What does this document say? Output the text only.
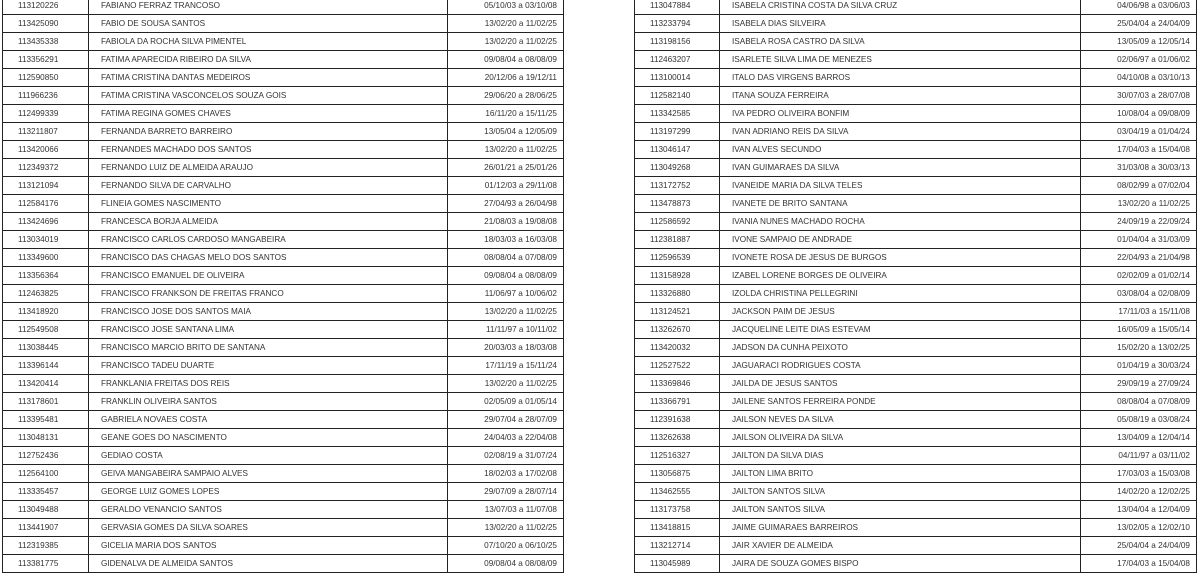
113120226	FABIANO FERRAZ TRANCOSO	05/10/03 a 03/10/08
113425090	FABIO DE SOUSA SANTOS	13/02/20 a 11/02/25
113435338	FABIOLA DA ROCHA SILVA PIMENTEL	13/02/20 a 11/02/25
113356291	FATIMA APARECIDA RIBEIRO DA SILVA	09/08/04 a 08/08/09
112590850	FATIMA CRISTINA DANTAS MEDEIROS	20/12/06 a 19/12/11
111966236	FATIMA CRISTINA VASCONCELOS SOUZA GOIS	29/06/20 a 28/06/25
112499339	FATIMA REGINA GOMES CHAVES	16/11/20 a 15/11/25
113211807	FERNANDA BARRETO BARREIRO	13/05/04 a 12/05/09
113420066	FERNANDES MACHADO DOS SANTOS	13/02/20 a 11/02/25
112349372	FERNANDO LUIZ DE ALMEIDA ARAUJO	26/01/21 a 25/01/26
113121094	FERNANDO SILVA DE CARVALHO	01/12/03 a 29/11/08
112584176	FLINEIA GOMES NASCIMENTO	27/04/93 a 26/04/98
113424696	FRANCESCA BORJA ALMEIDA	21/08/03 a 19/08/08
113034019	FRANCISCO CARLOS CARDOSO MANGABEIRA	18/03/03 a 16/03/08
113349600	FRANCISCO DAS CHAGAS MELO DOS SANTOS	08/08/04 a 07/08/09
113356364	FRANCISCO EMANUEL DE OLIVEIRA	09/08/04 a 08/08/09
112463825	FRANCISCO FRANKSON DE FREITAS FRANCO	11/06/97 a 10/06/02
113418920	FRANCISCO JOSE DOS SANTOS MAIA	13/02/20 a 11/02/25
112549508	FRANCISCO JOSE SANTANA LIMA	11/11/97 a 10/11/02
113038445	FRANCISCO MARCIO BRITO DE SANTANA	20/03/03 a 18/03/08
113396144	FRANCISCO TADEU DUARTE	17/11/19 a 15/11/24
113420414	FRANKLANIA FREITAS DOS REIS	13/02/20 a 11/02/25
113178601	FRANKLIN OLIVEIRA SANTOS	02/05/09 a 01/05/14
113395481	GABRIELA NOVAES COSTA	29/07/04 a 28/07/09
113048131	GEANE GOES DO NASCIMENTO	24/04/03 a 22/04/08
112752436	GEDIAO COSTA	02/08/19 a 31/07/24
112564100	GEIVA MANGABEIRA SAMPAIO ALVES	18/02/03 a 17/02/08
113335457	GEORGE LUIZ GOMES LOPES	29/07/09 a 28/07/14
113049488	GERALDO VENANCIO SANTOS	13/07/03 a 11/07/08
113441907	GERVASIA GOMES DA SILVA SOARES	13/02/20 a 11/02/25
112319385	GICELIA MARIA DOS SANTOS	07/10/20 a 06/10/25
113381775	GIDENALVA DE ALMEIDA SANTOS	09/08/04 a 08/08/09
113047884	ISABELA CRISTINA COSTA DA SILVA CRUZ	04/06/98 a 03/06/03
113233794	ISABELA DIAS SILVEIRA	25/04/04 a 24/04/09
113198156	ISABELA ROSA CASTRO DA SILVA	13/05/09 a 12/05/14
112463207	ISARLETE SILVA LIMA DE MENEZES	02/06/97 a 01/06/02
113100014	ITALO DAS VIRGENS BARROS	04/10/08 a 03/10/13
112582140	ITANA SOUZA FERREIRA	30/07/03 a 28/07/08
113342585	IVA PEDRO OLIVEIRA BONFIM	10/08/04 a 09/08/09
113197299	IVAN ADRIANO REIS DA SILVA	03/04/19 a 01/04/24
113046147	IVAN ALVES SECUNDO	17/04/03 a 15/04/08
113049268	IVAN GUIMARAES DA SILVA	31/03/08 a 30/03/13
113172752	IVANEIDE MARIA DA SILVA TELES	08/02/99 a 07/02/04
113478873	IVANETE DE BRITO SANTANA	13/02/20 a 11/02/25
112586592	IVANIA NUNES MACHADO ROCHA	24/09/19 a 22/09/24
112381887	IVONE SAMPAIO DE ANDRADE	01/04/04 a 31/03/09
112596539	IVONETE ROSA DE JESUS DE BURGOS	22/04/93 a 21/04/98
113158928	IZABEL LORENE BORGES DE OLIVEIRA	02/02/09 a 01/02/14
113326880	IZOLDA CHRISTINA PELLEGRINI	03/08/04 a 02/08/09
113124521	JACKSON PAIM DE JESUS	17/11/03 a 15/11/08
113262670	JACQUELINE LEITE DIAS ESTEVAM	16/05/09 a 15/05/14
113420032	JADSON DA CUNHA PEIXOTO	15/02/20 a 13/02/25
112527522	JAGUARACI RODRIGUES COSTA	01/04/19 a 30/03/24
113369846	JAILDA DE JESUS SANTOS	29/09/19 a 27/09/24
113366791	JAILENE SANTOS FERREIRA PONDE	08/08/04 a 07/08/09
112391638	JAILSON NEVES DA SILVA	05/08/19 a 03/08/24
113262638	JAILSON OLIVEIRA DA SILVA	13/04/09 a 12/04/14
112516327	JAILTON DA SILVA DIAS	04/11/97 a 03/11/02
113056875	JAILTON LIMA BRITO	17/03/03 a 15/03/08
113462555	JAILTON SANTOS SILVA	14/02/20 a 12/02/25
113173758	JAILTON SANTOS SILVA	13/04/04 a 12/04/09
113418815	JAIME GUIMARAES BARREIROS	13/02/05 a 12/02/10
113212714	JAIR XAVIER DE ALMEIDA	25/04/04 a 24/04/09
113045989	JAIRA DE SOUZA GOMES BISPO	17/04/03 a 15/04/08
